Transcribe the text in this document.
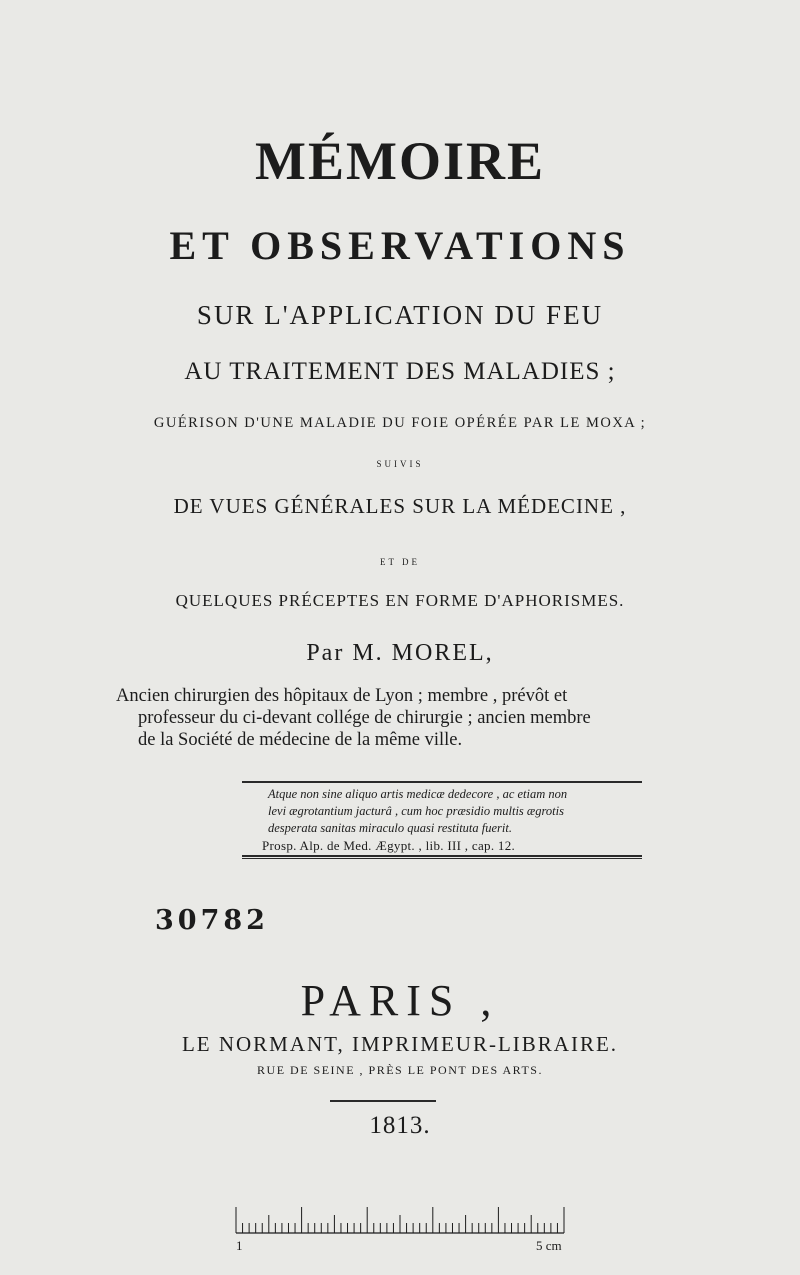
MÉMOIRE
ET OBSERVATIONS
SUR L'APPLICATION DU FEU
AU TRAITEMENT DES MALADIES ;
GUÉRISON D'UNE MALADIE DU FOIE OPÉRÉE PAR LE MOXA ;
SUIVIS
DE VUES GÉNÉRALES SUR LA MÉDECINE ,
ET DE
QUELQUES PRÉCEPTES EN FORME D'APHORISMES.
Par M. MOREL,
Ancien chirurgien des hôpitaux de Lyon ; membre , prévôt et
professeur du ci-devant collége de chirurgie ; ancien membre
de la Société de médecine de la même ville.
Atque non sine aliquo artis medicæ dedecore , ac etiam non
levi ægrotantium jacturâ , cum hoc præsidio multis ægrotis
desperata sanitas miraculo quasi restituta fuerit.
Prosp. Alp. de Med. Ægypt. , lib. III , cap. 12.
30782
PARIS ,
LE NORMANT, IMPRIMEUR-LIBRAIRE.
RUE DE SEINE , PRÈS LE PONT DES ARTS.
1813.
1	5 cm
